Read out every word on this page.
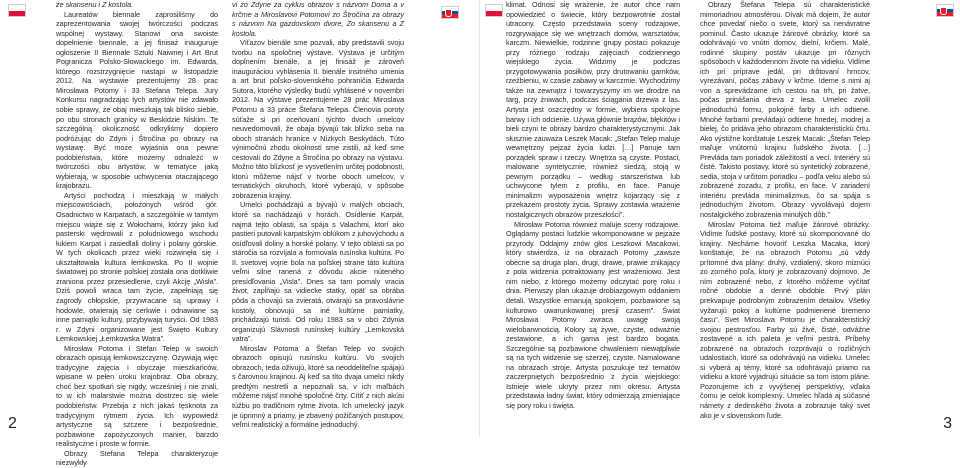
że skansenu i Z kostola.

Laureatów biennale zaprosiliśmy do zaprezentowania swojej twórczości podczas wspólnej wystawy. Stanowi ona swoiste dopełnienie biennale, a jej finisaż inauguruje ogłoszenie II Biennale Sztuki Naiwnej i Art Brut Pogranicza Polsko-Słowackiego im. Edwarda, którego rozstrzygnięcie nastąpi w listopadzie 2012. Na wystawie prezentujemy 28 prac Mirosława Potomy i 33 Stefana Telepa. Jury Konkursu nagradzając tych artystów nie zdawało sobie sprawy, że obaj mieszkają tak blisko siebie, po obu stronach granicy w Beskidzie Niskim. Te szczególną okoliczność odkryliśmy dopiero podróżując do Zdyni i Štročína po obrazy na wystawę. Być może wyjaśnia ona pewne podobieństwa, które możemy odnaleźć w twórczości obu artystów, w tematyce jaką wybierają, w sposobie uchwycenia otaczającego krajobrazu.

Artyści pochodzą i mieszkają w małych miejscowościach, położonych wśród gór. Osadnictwo w Karpatach, a szczególnie w tamtym miejscu wiąże się z Wołochami, którzy jako lud pasterski wędrowali z południowego wschodu łukiem Karpat i zasiedlali doliny i polany górskie. W tych okolicach przez wieki rozwinęła się i ukształtowała kultura łemkowska. Po II wojnie światowej po stronie polskiej została ona dotkliwie zraniona przez przesiedlenie, czyli Akcję „Wisła”. Dziś powoli wraca tam życie, zapełniają się zagrody chłopskie, przywracane są uprawy i hodowle, otwierają się cerkwie i odnawiane są inne pamiątki kultury, przybywają turyści. Od 1983 r. w Zdyni organizowane jest Święto Kultury Łemkowskiej „Łemkowska Watra”.

Mirosław Potoma i Stefan Telep w swoich obrazach opisują łemkowszczyznę. Ozywiają więc tradycyjne zajęcia i obyczaje mieszkańców, wpisane w pełen uroku krajobraz. Oba obrazy, choć bez spotkań się nigdy, wcześniej i nie znali, to w ich malarstwie można dostrzec się wiele podobieństw. Przebija z nich jakaś tęsknota za tradycyjnym rytmem życia. Ich wypowiedź artystyczne są szczere i bezpośrednie, pozbawione zapożyczonych manier, barzdo realistyczne i proste w formie.

Obrazy Stefana Telepa charakteryzuje niezwykły

vi zo Zdyne za cyklus obrazov s názvom Doma a v krčme a Miroslavovi Potomovi zo Štročína za obrazy s názvom Na gazdovskom dvore, Zo skansenu a Z kostola.

Víťazov bienále sme pozvali, aby predstavili svoju tvorbu na spoločnej výstave. Výstava je určitým doplnením bienále, a jej finisáž je zároveň inauguráciou vyhlásenia II. bienále insitného umenia a art brut poľsko-slovenského pohraničia Edwarda Sutora, ktorého výsledky budú vyhlásené v novembri 2012. Na výstave prezentujeme 28 prác Miroslava Potomu a 33 práce Štefana Telepa. Členovia poroty súťaže si pri oceňovaní týchto dvoch umelcov neuvedomovali, že obaja bývajú tak blízko seba na oboch stranách hranice v Nízkych Beskydách. Túto výnimočnú zhodu okolností sme zistili, až keď sme cestovali do Zdyne a Štročína po obrazy na výstavu. Možno táto blízkosť je vysvetlením určitej podobnosti, ktorú môžeme nájsť v tvorbe oboch umelcov, v tematických okruhoch, ktoré vyberajú, v spôsobe zobrazenia krajiny.

Umelci pochádzajú a bývajú v malých obciach, ktoré sa nachádzajú v horách. Osídlenie Karpát, najmä tejto oblasti, sa spája s Valachmi, ktorí ako pastieri putovali karpatským oblúkom z juhovýchodu a osídľovali doliny a horské polany. V tejto oblasti sa po stáročia sa rozvíjala a formovala rusínska kultúra. Po II. svetovej vojne bola na poľskej strane táto kultúra veľmi silne ranená z dôvodu akcie núteného presídľovania „Visla”. Dnes sa tam pomaly vracia život, zapĺňajú sa vidiecke statky, opäť sa obrába pôda a chovajú sa zvieratá, otvárajú sa pravoslávne kostoly, obnovujú sa iné kultúrne pamiatky, prichádzajú turisti. Od roku 1983 sa v obci Zdynia organizujú Slávnosti rusínskej kultúry „Lemkovská vatra”.

Miroslav Potoma a Štefan Telep vo svojich obrazoch opisujú rusínsku kultúru. Vo svojich obrazoch, teda oživujú, ktoré sa neoddeliteľne spájajú s čarovnou krajinou. Aj keď sa títo dvaja umelci nikdy predtým nestretli a nepoznali sa, v ich maľbách môžeme nájsť mnohé spoločné črty. Cítiť z nich akúsi túžbu po tradičnom rytme života. Ich umelecký jazyk je úprimný a priamy, je zbavený požičaných postupov, veľmi realistický a formálne jednoduchý.

2

klimat. Odnosi się wrażenie, że autor chce nam opowiedzieć o świecie, który bezpowrotnie został utracony. Często przedstawia sceny rodzajowe, rozgrywające się we wnętrzach domów, warsztatów, karczm. Niewielkie, rodzinne grupy postaci pokazuje przy różnego rodzaju zajęciach codziennego wiejskiego życia. Widzimy je podczas przygotowywania posiłków, przy drutowaniu garnków, rzeźbieniu, w czasie zabawy w karczmie. Wychodzimy także na zewnątrz i towarzyszymy im we drodze na targ, przy żniwach, podczas ściągania drzewa z las. Artysta jest oszczędny w formie, wybiera spokojne barwy i ich odcienie. Używa głównie brązów, błękitów i bieli czyni te obrazy bardzo charakterystycznymi. Jak słusznie zauważa Leszek Macak: „Stefan Telep maluje wewnętrzny pejzaż życia ludzi. […] Panuje tam porządek spraw i rzeczy. Wnętrza są czyste. Postaci, malowane syntetycznie, również siedzą, stoją w pewnym porządku – według starszeństwa lub uchwycone tylem z profilu, en face. Panuje minimalizm wyposażenia wnętrz kojarzący się z przekazem prostoty życia. Sprawy zostawia wrażenie nostalgicznych obrazów przeszłości”.

Mirosław Potoma również maluje sceny rodzajowe. Oglądamy postaci ludzkie wkomponowane w pejzaże przyrody. Oddajmy znów głos Leszkowi Macakowi, który stwierdza, iż na obrazach Potomy „zawsze obecne są druga plan, drugi, drawe, prawie znikający z pola widzenia potraktowany jest wrażeniowo. Jest nim niebo, z którego możemy odczytać porę roku i dnia. Pierwszy plan ukazuje drobiazgowym oddaniem detali. Wszystkie emanują spokojem, pozbawione są kulturowo uwarunkowanej presji czasem”. Świat Mirosława Potomy zwraca uwagę swoją wielobarwnością. Kolory są żywe, czyste, odważnie zestawione, a ich gama jest bardzo bogata. Szczególnie są pozbawione chwaleniem niewątpliwie są na tych widzenie się szerzej, czyste. Namalowane na obrazach stroje. Artysta poszukuje też tematów zaczerpniętych bezpośrednio z życia wiejskiego: Istnieje wiele ukryty przez nim okresu. Artysta przedstawia ładny świat, który odmierzają zmieniające się pory roku i święta.

Obrazy Štefana Telepa sú charakteristické mimoriadnou atmosférou. Dívak má dojem, že autor chce povedať niečo o svete, ktorý sa nenávratne pominul. Často ukazuje žánrové obrázky, ktoré sa odohrávajú vo vnútri domov, dielní, krčiem. Malé, rodinné skupiny postáv ukazuje pri rôznych spôsoboch v každodennom živote na vidieku. Vidíme ich pri príprave jedál, pri drôtovaní hrncov, vyrezávaní, počas zábavy v krčme. Ideme s nimi aj von a sprevádzame ich cestou na trh, pri žatve, počas prinášania dreva z lesa. Umelec zvolil jednoduchú formu, pokojné farby a ich odtiene. Mnohé farbami prevládajú odtiene hnedej, modrej a bielej, čo pridáva jeho obrazom charakteristickú črtu. Ako výstižne konštatuje Leszek Macak: „Štefan Telep maľuje vnútornú krajinu ľudského života. […] Prevláda tam poriadok záležitostí a vecí. Interiéry sú čisté. Takisto postavy, ktoré sú syntetický zobrazené, sedia, stoja v určitom poriadku – podľa veku alebo sú zobrazené zozadu, z profilu, en face. V zariadení interiéru prevláda minimalizmus, čo sa spája s jednoduchým životom. Obrazy vyvolávajú dojem nostalgického zobrazenia minulých dôb.”

Miroslav Potoma tiež maľuje žánrové obrázky. Vidíme ľudské postavy, ktoré sú skomponované do krajiny. Necháme hovoriť Leszka Macaka, ktorý konštatuje, že na obrazoch Potomu „sú vždy prítomné dva plány: druhý, vzdialený, skoro miznúci zo zorného poľa, ktorý je zobrazovaný dojmovo. Je ním zobrazené nebo, z ktorého môžeme vyčítať ročné obdobie a denné obdobie. Prvý plán prekvapuje podrobným zobrazením detailov. Všetky vyžarujú pokoj a kultúrne podmienené bremeno času“. Svet Miroslava Potomu je charakteristický svojou pestrosťou. Farby sú živé, čisté, odvážne zostavené a ich paleta je veľmi pestrá. Príbehy zobrazené na obrazoch rozprávajú o rozličných udalostiach, ktoré sa odohrávajú na vidieku. Umelec si vyberá aj témy, ktoré sa odohrávajú priamo na vidieku a ktoré vyjadrujú situácie sa tom istom pláne. Pozorujeme ich z vyvýšenej perspektívy, vďaka čomu je celok komplexný. Umelec hľadá aj súčasné námety z dedinského života a zobrazuje taký svet ako je v slovenskom ľude.	3
